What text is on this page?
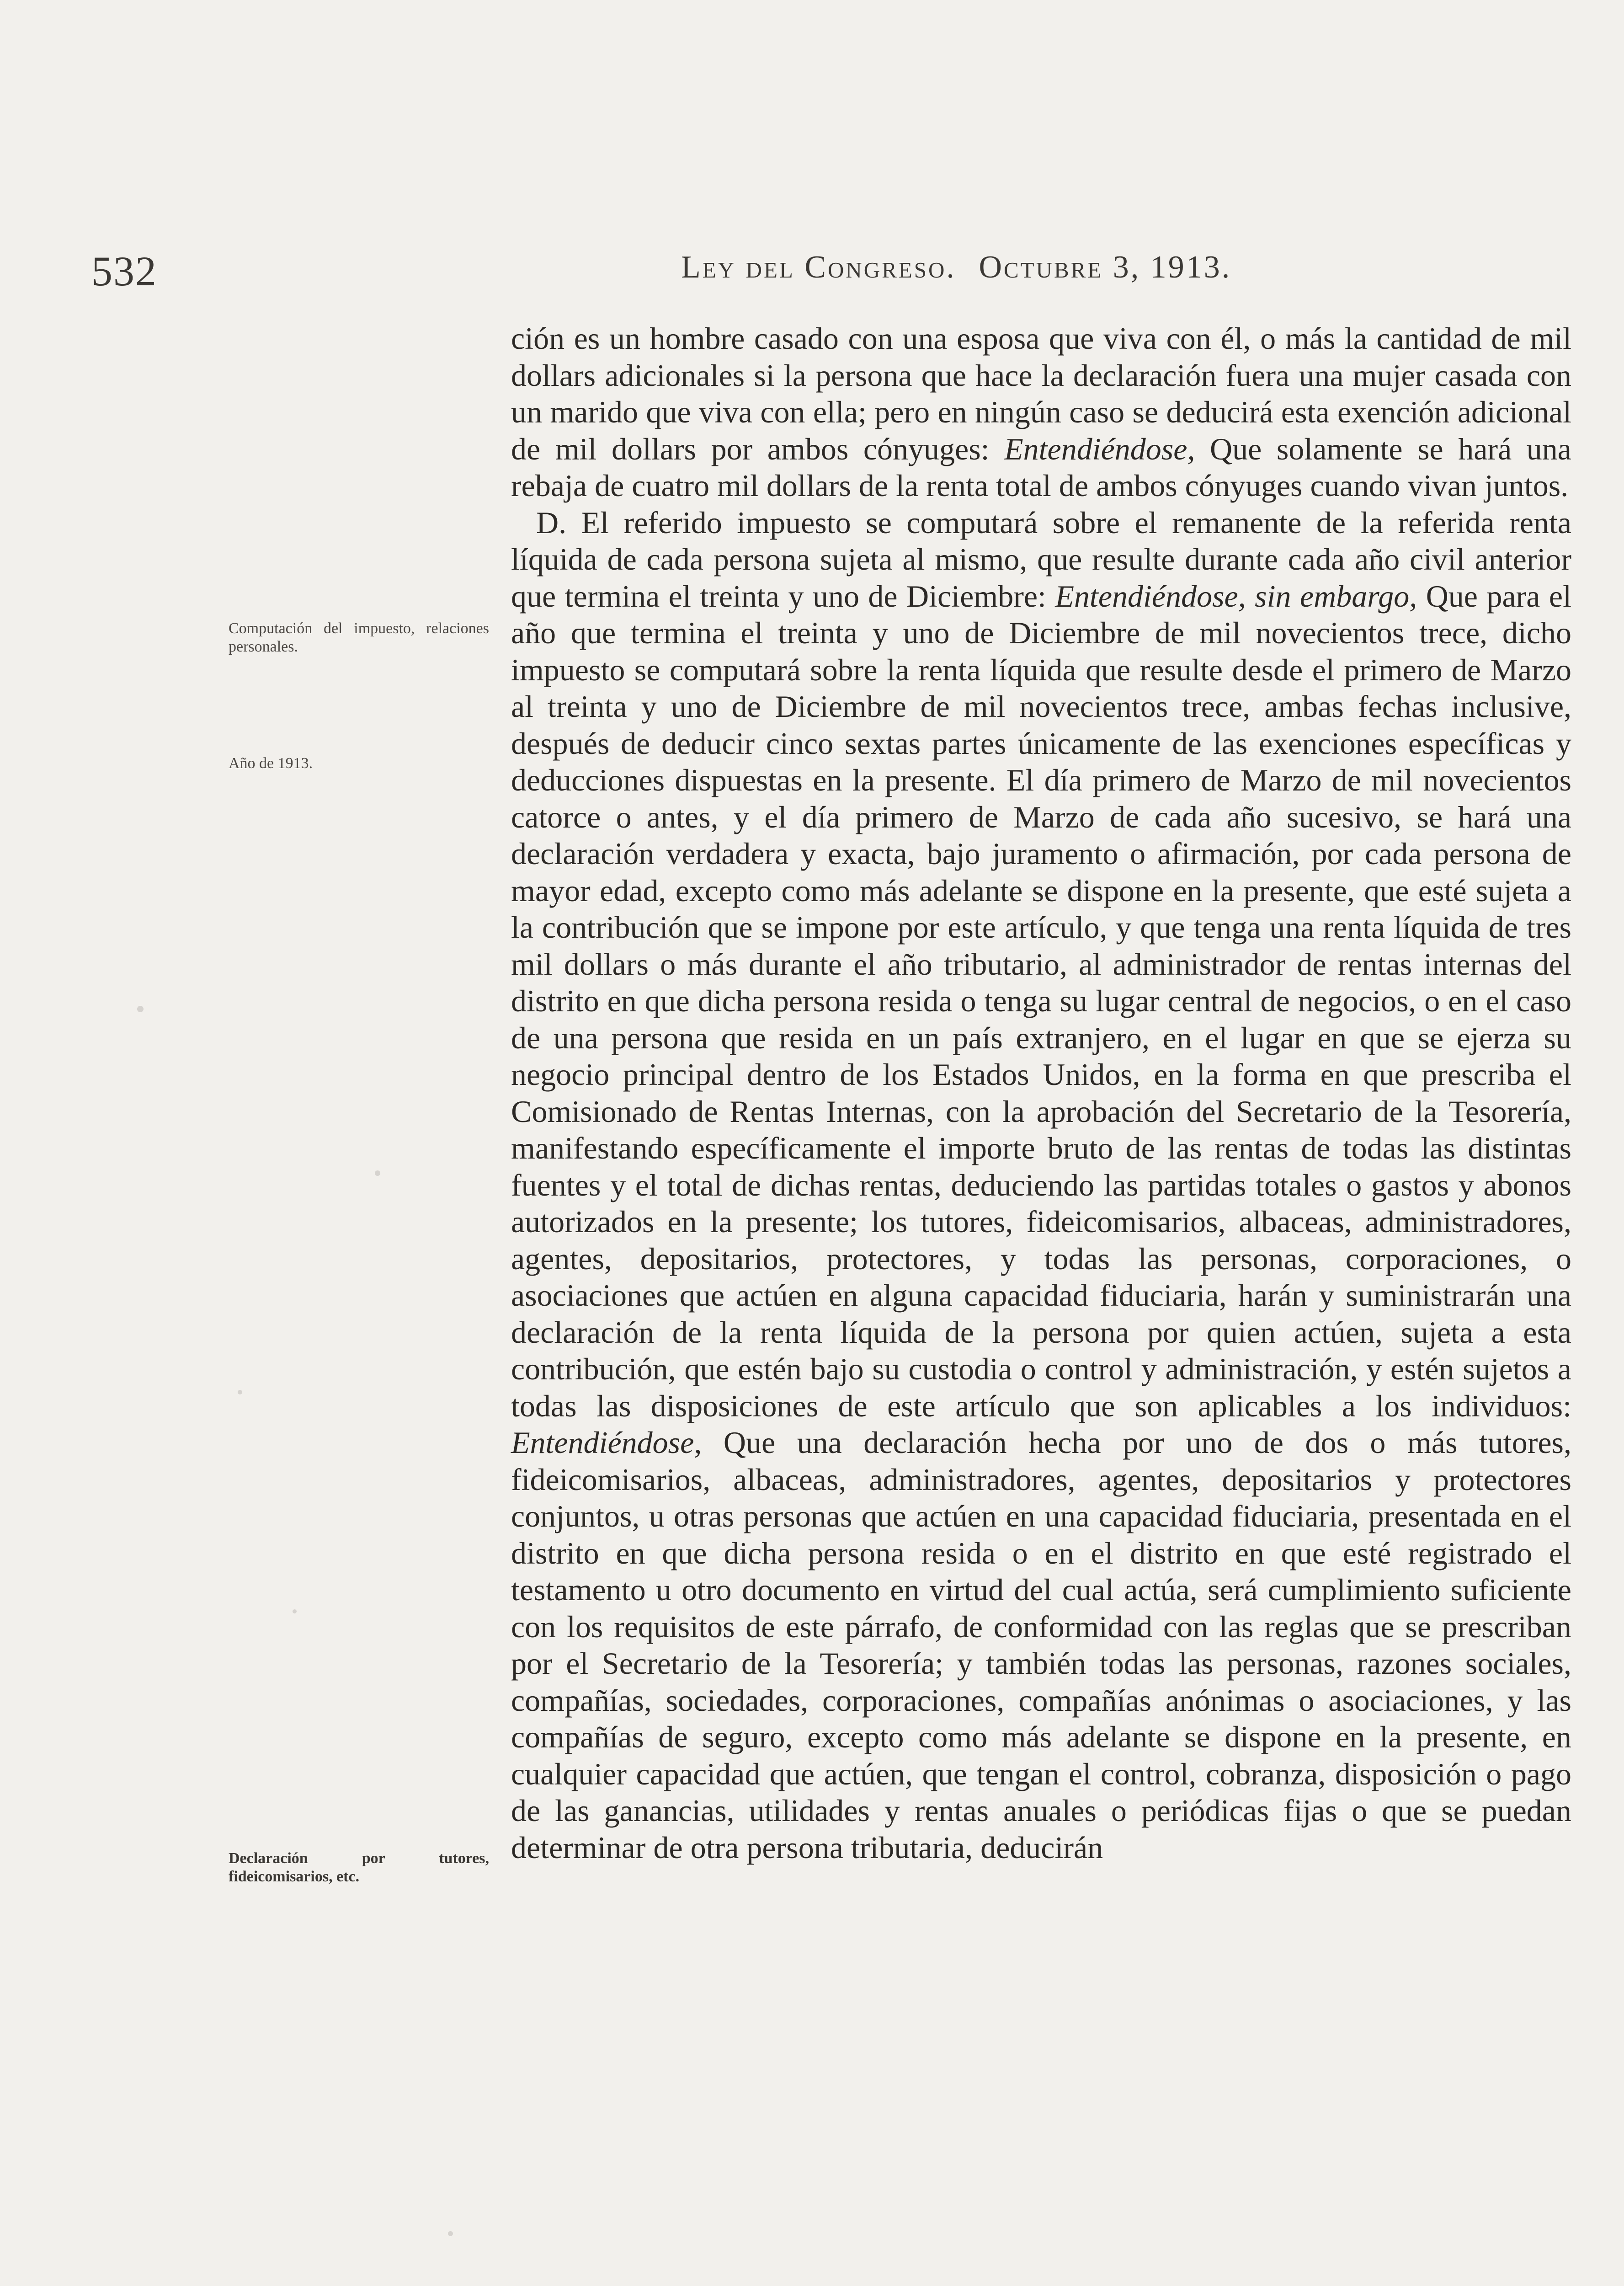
532	Ley del Congreso. Octubre 3, 1913.
Computación del impuesto, relaciones personales.
Año de 1913.
Declaración por tutores, fideicomisarios, etc.

ción es un hombre casado con una esposa que viva con él, o más la cantidad de mil dollars adicionales si la persona que hace la declaración fuera una mujer casada con un marido que viva con ella; pero en ningún caso se deducirá esta exención adicional de mil dollars por ambos cónyuges: Entendiéndose, Que solamente se hará una rebaja de cuatro mil dollars de la renta total de ambos cónyuges cuando vivan juntos.

D. El referido impuesto se computará sobre el remanente de la referida renta líquida de cada persona sujeta al mismo, que resulte durante cada año civil anterior que termina el treinta y uno de Diciembre: Entendiéndose, sin embargo, Que para el año que termina el treinta y uno de Diciembre de mil novecientos trece, dicho impuesto se computará sobre la renta líquida que resulte desde el primero de Marzo al treinta y uno de Diciembre de mil novecientos trece, ambas fechas inclusive, después de deducir cinco sextas partes únicamente de las exenciones específicas y deducciones dispuestas en la presente. El día primero de Marzo de mil novecientos catorce o antes, y el día primero de Marzo de cada año sucesivo, se hará una declaración verdadera y exacta, bajo juramento o afirmación, por cada persona de mayor edad, excepto como más adelante se dispone en la presente, que esté sujeta a la contribución que se impone por este artículo, y que tenga una renta líquida de tres mil dollars o más durante el año tributario, al administrador de rentas internas del distrito en que dicha persona resida o tenga su lugar central de negocios, o en el caso de una persona que resida en un país extranjero, en el lugar en que se ejerza su negocio principal dentro de los Estados Unidos, en la forma en que prescriba el Comisionado de Rentas Internas, con la aprobación del Secretario de la Tesorería, manifestando específicamente el importe bruto de las rentas de todas las distintas fuentes y el total de dichas rentas, deduciendo las partidas totales o gastos y abonos autorizados en la presente; los tutores, fideicomisarios, albaceas, administradores, agentes, depositarios, protectores, y todas las personas, corporaciones, o asociaciones que actúen en alguna capacidad fiduciaria, harán y suministrarán una declaración de la renta líquida de la persona por quien actúen, sujeta a esta contribución, que estén bajo su custodia o control y administración, y estén sujetos a todas las disposiciones de este artículo que son aplicables a los individuos: Entendiéndose, Que una declaración hecha por uno de dos o más tutores, fideicomisarios, albaceas, administradores, agentes, depositarios y protectores conjuntos, u otras personas que actúen en una capacidad fiduciaria, presentada en el distrito en que dicha persona resida o en el distrito en que esté registrado el testamento u otro documento en virtud del cual actúa, será cumplimiento suficiente con los requisitos de este párrafo, de conformidad con las reglas que se prescriban por el Secretario de la Tesorería; y también todas las personas, razones sociales, compañías, sociedades, corporaciones, compañías anónimas o asociaciones, y las compañías de seguro, excepto como más adelante se dispone en la presente, en cualquier capacidad que actúen, que tengan el control, cobranza, disposición o pago de las ganancias, utilidades y rentas anuales o periódicas fijas o que se puedan determinar de otra persona tributaria, deducirán
